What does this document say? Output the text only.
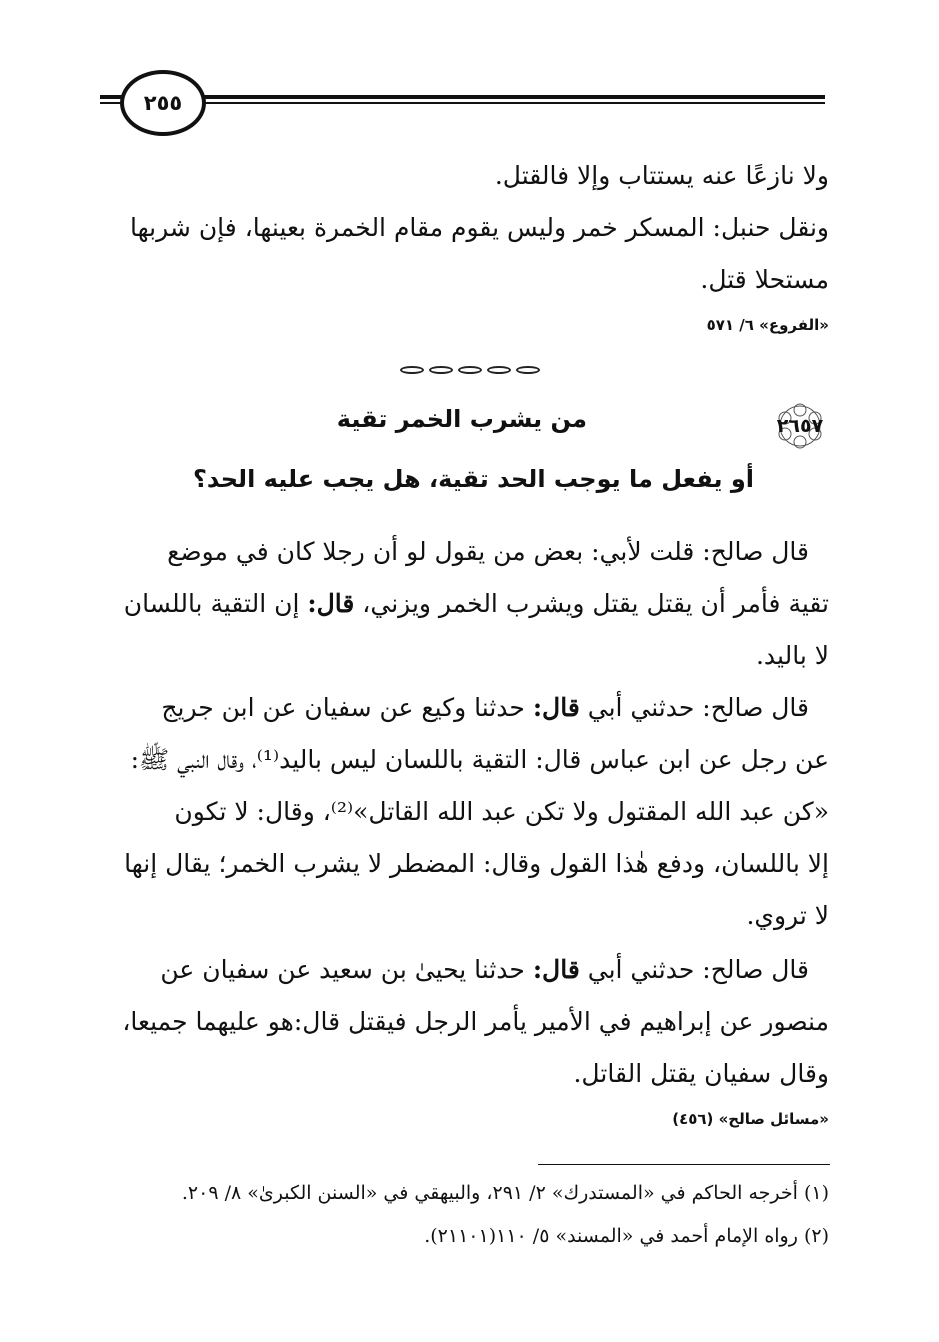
٢٥٥
ولا نازعًا عنه يستتاب وإلا فالقتل.
ونقل حنبل: المسكر خمر وليس يقوم مقام الخمرة بعينها، فإن شربها
مستحلا قتل.
«الفروع» ٦/ ٥٧١
٢٦٥٧
من يشرب الخمر تقية
أو يفعل ما يوجب الحد تقية، هل يجب عليه الحد؟
قال صالح: قلت لأبي: بعض من يقول لو أن رجلا كان في موضع
تقية فأمر أن يقتل يقتل ويشرب الخمر ويزني، قال: إن التقية باللسان
لا باليد.
قال صالح: حدثني أبي قال: حدثنا وكيع عن سفيان عن ابن جريج
عن رجل عن ابن عباس قال: التقية باللسان ليس باليد⁽¹⁾، وقال النبي ﷺ:
«كن عبد الله المقتول ولا تكن عبد الله القاتل»⁽²⁾، وقال: لا تكون
إلا باللسان، ودفع هٰذا القول وقال: المضطر لا يشرب الخمر؛ يقال إنها
لا تروي.
قال صالح: حدثني أبي قال: حدثنا يحيىٰ بن سعيد عن سفيان عن
منصور عن إبراهيم في الأمير يأمر الرجل فيقتل قال:هو عليهما جميعا،
وقال سفيان يقتل القاتل.
«مسائل صالح» (٤٥٦)
(١) أخرجه الحاكم في «المستدرك» ٢/ ٢٩١، والبيهقي في «السنن الكبرىٰ» ٨/ ٢٠٩.
(٢) رواه الإمام أحمد في «المسند» ٥/ ١١٠(٢١١٠١).
